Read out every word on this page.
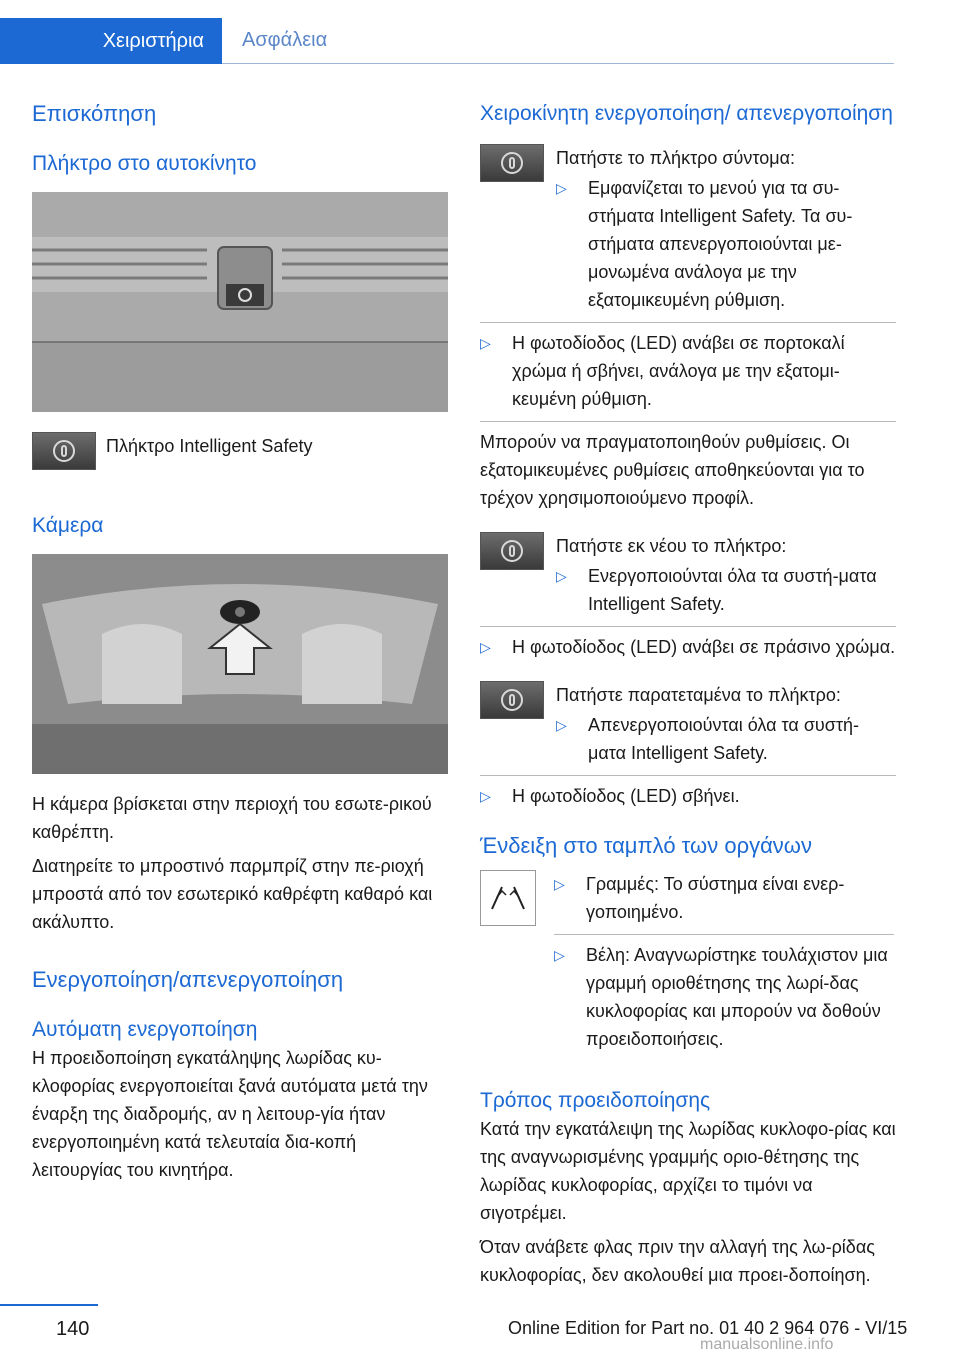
Χειριστήρια	Ασφάλεια
Επισκόπηση
Πλήκτρο στο αυτοκίνητο

Πλήκτρο Intelligent Safety

Κάμερα

Η κάμερα βρίσκεται στην περιοχή του εσωτε-ρικού καθρέπτη.

Διατηρείτε το μπροστινό παρμπρίζ στην πε-ριοχή μπροστά από τον εσωτερικό καθρέφτη καθαρό και ακάλυπτο.

Ενεργοποίηση/απενεργοποίηση
Αυτόματη ενεργοποίηση

Η προειδοποίηση εγκατάληψης λωρίδας κυ-κλοφορίας ενεργοποιείται ξανά αυτόματα μετά την έναρξη της διαδρομής, αν η λειτουρ-γία ήταν ενεργοποιημένη κατά τελευταία δια-κοπή λειτουργίας του κινητήρα.

Χειροκίνητη ενεργοποίηση/ απενεργοποίηση

Πατήστε το πλήκτρο σύντομα:

▷ Εμφανίζεται το μενού για τα συ-στήματα Intelligent Safety. Τα συ-στήματα απενεργοποιούνται με-μονωμένα ανάλογα με την εξατομικευμένη ρύθμιση.
▷ Η φωτοδίοδος (LED) ανάβει σε πορτοκαλί χρώμα ή σβήνει, ανάλογα με την εξατομι-κευμένη ρύθμιση.

Μπορούν να πραγματοποιηθούν ρυθμίσεις. Οι εξατομικευμένες ρυθμίσεις αποθηκεύονται για το τρέχον χρησιμοποιούμενο προφίλ.

Πατήστε εκ νέου το πλήκτρο:

▷ Ενεργοποιούνται όλα τα συστή-ματα Intelligent Safety.
▷ Η φωτοδίοδος (LED) ανάβει σε πράσινο χρώμα.

Πατήστε παρατεταμένα το πλήκτρο:

▷ Απενεργοποιούνται όλα τα συστή-ματα Intelligent Safety.
▷ Η φωτοδίοδος (LED) σβήνει.
Ένδειξη στο ταμπλό των οργάνων
▷ Γραμμές: Το σύστημα είναι ενερ-γοποιημένο.
▷ Βέλη: Αναγνωρίστηκε τουλάχιστον μια γραμμή οριοθέτησης της λωρί-δας κυκλοφορίας και μπορούν να δοθούν προειδοποιήσεις.
Τρόπος προειδοποίησης

Κατά την εγκατάλειψη της λωρίδας κυκλοφο-ρίας και της αναγνωρισμένης γραμμής οριο-θέτησης της λωρίδας κυκλοφορίας, αρχίζει το τιμόνι να σιγοτρέμει.

Όταν ανάβετε φλας πριν την αλλαγή της λω-ρίδας κυκλοφορίας, δεν ακολουθεί μια προει-δοποίηση.

140	Online Edition for Part no. 01 40 2 964 076 - VI/15
manualsonline.info
